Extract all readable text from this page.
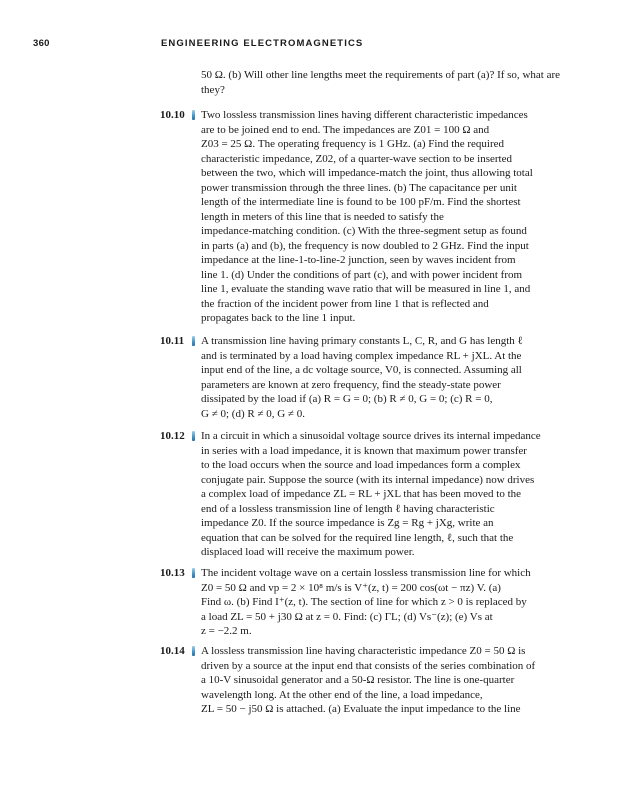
360	ENGINEERING ELECTROMAGNETICS

50 Ω. (b) Will other line lengths meet the requirements of part (a)? If so, what are they?

10.10 Two lossless transmission lines having different characteristic impedances
are to be joined end to end. The impedances are Z01 = 100 Ω and
Z03 = 25 Ω. The operating frequency is 1 GHz. (a) Find the required
characteristic impedance, Z02, of a quarter-wave section to be inserted
between the two, which will impedance-match the joint, thus allowing total
power transmission through the three lines. (b) The capacitance per unit
length of the intermediate line is found to be 100 pF/m. Find the shortest
length in meters of this line that is needed to satisfy the
impedance-matching condition. (c) With the three-segment setup as found
in parts (a) and (b), the frequency is now doubled to 2 GHz. Find the input
impedance at the line-1-to-line-2 junction, seen by waves incident from
line 1. (d) Under the conditions of part (c), and with power incident from
line 1, evaluate the standing wave ratio that will be measured in line 1, and
the fraction of the incident power from line 1 that is reflected and
propagates back to the line 1 input.

10.11 A transmission line having primary constants L, C, R, and G has length ℓ
and is terminated by a load having complex impedance RL + jXL. At the
input end of the line, a dc voltage source, V0, is connected. Assuming all
parameters are known at zero frequency, find the steady-state power
dissipated by the load if (a) R = G = 0; (b) R ≠ 0, G = 0; (c) R = 0,
G ≠ 0; (d) R ≠ 0, G ≠ 0.

10.12 In a circuit in which a sinusoidal voltage source drives its internal impedance
in series with a load impedance, it is known that maximum power transfer
to the load occurs when the source and load impedances form a complex
conjugate pair. Suppose the source (with its internal impedance) now drives
a complex load of impedance ZL = RL + jXL that has been moved to the
end of a lossless transmission line of length ℓ having characteristic
impedance Z0. If the source impedance is Zg = Rg + jXg, write an
equation that can be solved for the required line length, ℓ, such that the
displaced load will receive the maximum power.

10.13 The incident voltage wave on a certain lossless transmission line for which
Z0 = 50 Ω and vp = 2 × 10⁸ m/s is V⁺(z, t) = 200 cos(ωt − πz) V. (a)
Find ω. (b) Find I⁺(z, t). The section of line for which z > 0 is replaced by
a load ZL = 50 + j30 Ω at z = 0. Find: (c) ΓL; (d) Vs⁻(z); (e) Vs at
z = −2.2 m.

10.14 A lossless transmission line having characteristic impedance Z0 = 50 Ω is
driven by a source at the input end that consists of the series combination of
a 10-V sinusoidal generator and a 50-Ω resistor. The line is one-quarter
wavelength long. At the other end of the line, a load impedance,
ZL = 50 − j50 Ω is attached. (a) Evaluate the input impedance to the line
